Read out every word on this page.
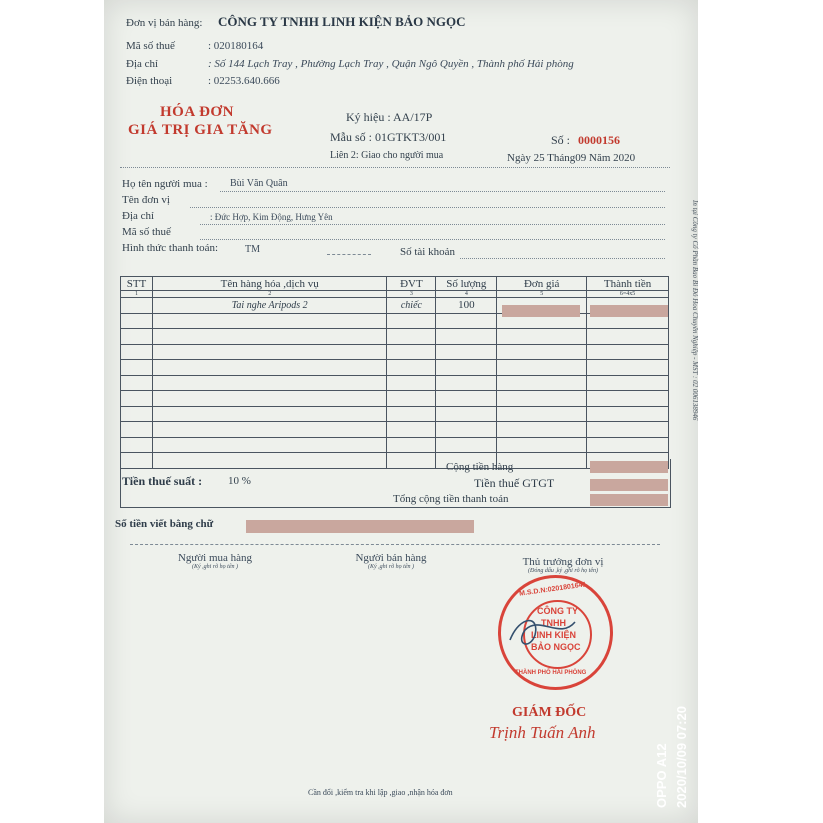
Đơn vị bán hàng: CÔNG TY TNHH LINH KIỆN BẢO NGỌC
Mã số thuế	: 020180164
Địa chỉ	: Số 144 Lạch Tray , Phường Lạch Tray , Quận Ngô Quyền , Thành phố Hải phòng
Điện thoại	: 02253.640.666
HÓA ĐƠN
GIÁ TRỊ GIA TĂNG
Ký hiệu : AA/17P
Mẫu số : 01GTKT3/001
Liên 2: Giao cho người mua
Số : 0000156
Ngày 25 Tháng09 Năm 2020
Họ tên người mua : Bùi Văn Quân
Tên đơn vị
Địa chỉ	: Đức Hợp, Kim Động, Hưng Yên
Mã số thuế
Hình thức thanh toán:	TM	Số tài khoản
STT	Tên hàng hóa ,dịch vụ	ĐVT	Số lượng	Đơn giá	Thành tiền
1	2	3	4	5	6=4x5
	Tai nghe Aripods 2	chiếc	100		

Cộng tiền hàng
Tiền thuế suất : 10 %	Tiền thuế GTGT
Tổng cộng tiền thanh toán
Số tiền viết bằng chữ
Người mua hàng
(Ký ,ghi rõ họ tên )
Người bán hàng
(Ký ,ghi rõ họ tên )	Thủ trưởng đơn vị
(Đóng dấu ,ký ,ghi rõ họ tên)
M.S.D.N:0201801641
CÔNG TY
TNHH
LINH KIỆN
BẢO NGỌC
THÀNH PHỐ HẢI PHÒNG
GIÁM ĐỐC
Trịnh Tuấn Anh
Cần đổi ,kiểm tra khi lập ,giao ,nhận hóa đơn
In tại Công ty Cổ Phần Bao Bì Đỏ Hoa Chuyên Nghiệp - MST : 02 006138946
OPPO A12 2020/10/09 07:20
